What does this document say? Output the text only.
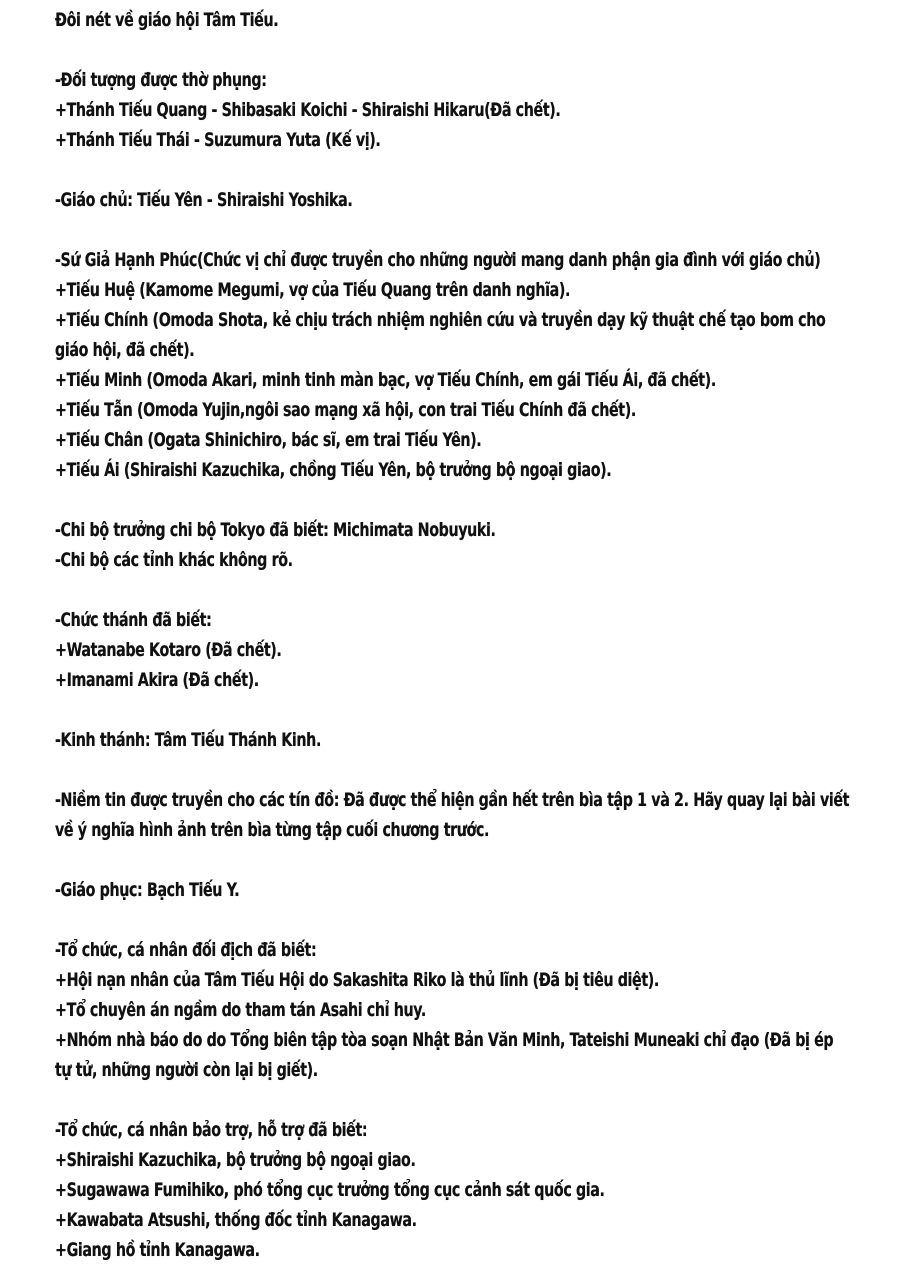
Đôi nét về giáo hội Tâm Tiếu.
-Đối tượng được thờ phụng:
+Thánh Tiếu Quang - Shibasaki Koichi - Shiraishi Hikaru(Đã chết).
+Thánh Tiếu Thái - Suzumura Yuta (Kế vị).
-Giáo chủ: Tiếu Yên - Shiraishi Yoshika.
-Sứ Giả Hạnh Phúc(Chức vị chỉ được truyền cho những người mang danh phận gia đình với giáo chủ)
+Tiếu Huệ (Kamome Megumi, vợ của Tiếu Quang trên danh nghĩa).
+Tiếu Chính (Omoda Shota, kẻ chịu trách nhiệm nghiên cứu và truyền dạy kỹ thuật chế tạo bom cho
giáo hội, đã chết).
+Tiếu Minh (Omoda Akari, minh tinh màn bạc, vợ Tiếu Chính, em gái Tiếu Ái, đã chết).
+Tiếu Tẫn (Omoda Yujin,ngôi sao mạng xã hội, con trai Tiếu Chính đã chết).
+Tiếu Chân (Ogata Shinichiro, bác sĩ, em trai Tiếu Yên).
+Tiếu Ái (Shiraishi Kazuchika, chồng Tiếu Yên, bộ trưởng bộ ngoại giao).
-Chi bộ trưởng chi bộ Tokyo đã biết: Michimata Nobuyuki.
-Chi bộ các tỉnh khác không rõ.
-Chức thánh đã biết:
+Watanabe Kotaro (Đã chết).
+Imanami Akira (Đã chết).
-Kinh thánh: Tâm Tiếu Thánh Kinh.
-Niềm tin được truyền cho các tín đồ: Đã được thể hiện gần hết trên bìa tập 1 và 2. Hãy quay lại bài viết
về ý nghĩa hình ảnh trên bìa từng tập cuối chương trước.
-Giáo phục: Bạch Tiếu Y.
-Tổ chức, cá nhân đối địch đã biết:
+Hội nạn nhân của Tâm Tiếu Hội do Sakashita Riko là thủ lĩnh (Đã bị tiêu diệt).
+Tổ chuyên án ngầm do tham tán Asahi chỉ huy.
+Nhóm nhà báo do do Tổng biên tập tòa soạn Nhật Bản Văn Minh, Tateishi Muneaki chỉ đạo (Đã bị ép
tự tử, những người còn lại bị giết).
-Tổ chức, cá nhân bảo trợ, hỗ trợ đã biết:
+Shiraishi Kazuchika, bộ trưởng bộ ngoại giao.
+Sugawawa Fumihiko, phó tổng cục trưởng tổng cục cảnh sát quốc gia.
+Kawabata Atsushi, thống đốc tỉnh Kanagawa.
+Giang hồ tỉnh Kanagawa.
